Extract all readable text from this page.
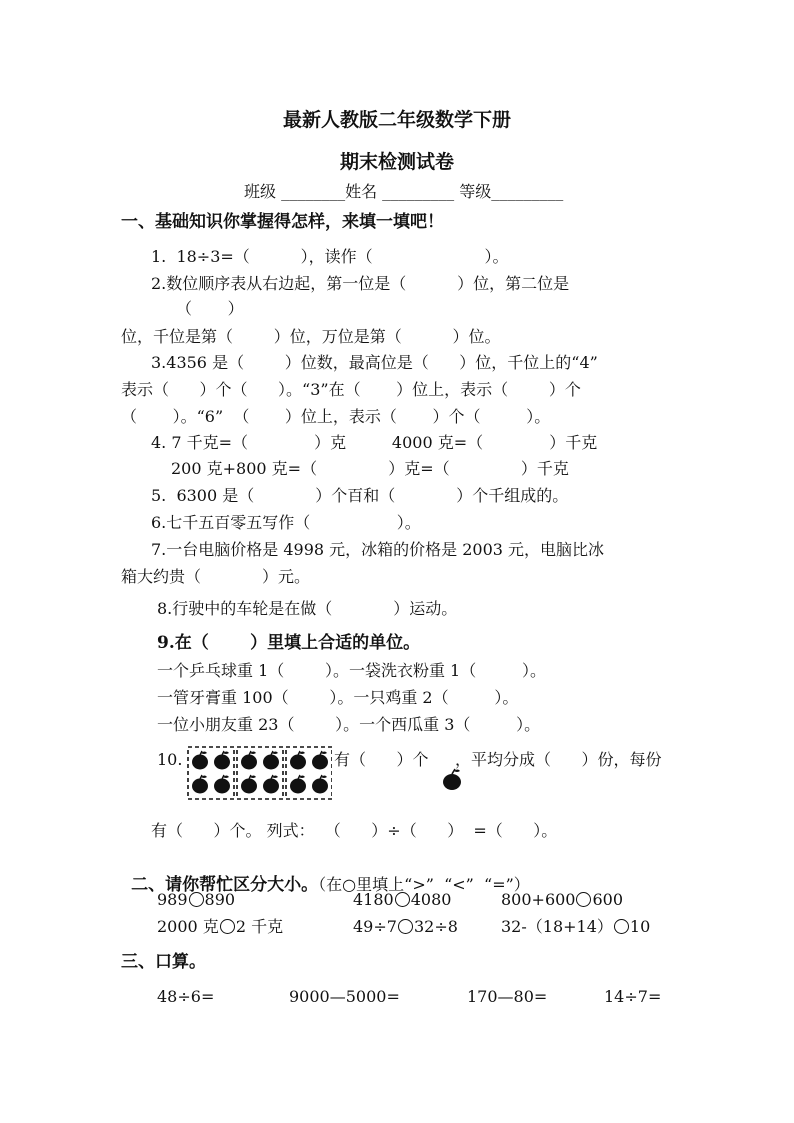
最新人教版二年级数学下册
期末检测试卷
班级 ________姓名 _________ 等级_________
一、基础知识你掌握得怎样，来填一填吧！
1.  18÷3=（          ），读作（                      ）。
2.数位顺序表从右边起，第一位是（          ）位，第二位是
（       ）
位，千位是第（        ）位，万位是第（          ）位。
3.4356 是（        ）位数，最高位是（      ）位，千位上的“4”
表示（      ）个（      ）。“3”在（       ）位上，表示（        ）个
（       ）。“6”  （       ）位上，表示（       ）个（         ）。
4. 7 千克=（             ）克         4000 克=（             ）千克
200 克+800 克=（              ）克=（              ）千克
5.  6300 是（            ）个百和（            ）个千组成的。
6.七千五百零五写作（                 ）。
7.一台电脑价格是 4998 元，冰箱的价格是 2003 元，电脑比冰
箱大约贵（            ）元。
8.行驶中的车轮是在做（            ）运动。
9.在（       ）里填上合适的单位。
一个乒乓球重 1（        ）。一袋洗衣粉重 1（         ）。
一管牙膏重 100（        ）。一只鸡重 2（         ）。
一位小朋友重 23（        ）。一个西瓜重 3（         ）。
10.	有（      ）个

，平均分成（      ）份，每份
有（      ）个。 列式：  （      ）÷（      ）  =（      ）。

二、请你帮忙区分大小。（在○里填上“>”  “<”  “=”）

989 890	4180 4080	800+600 600
2000 克 2 千克	49÷7 32÷8	32-（18+14） 10
三、口算。
48÷6=	9000—5000=	170—80=	14÷7=
